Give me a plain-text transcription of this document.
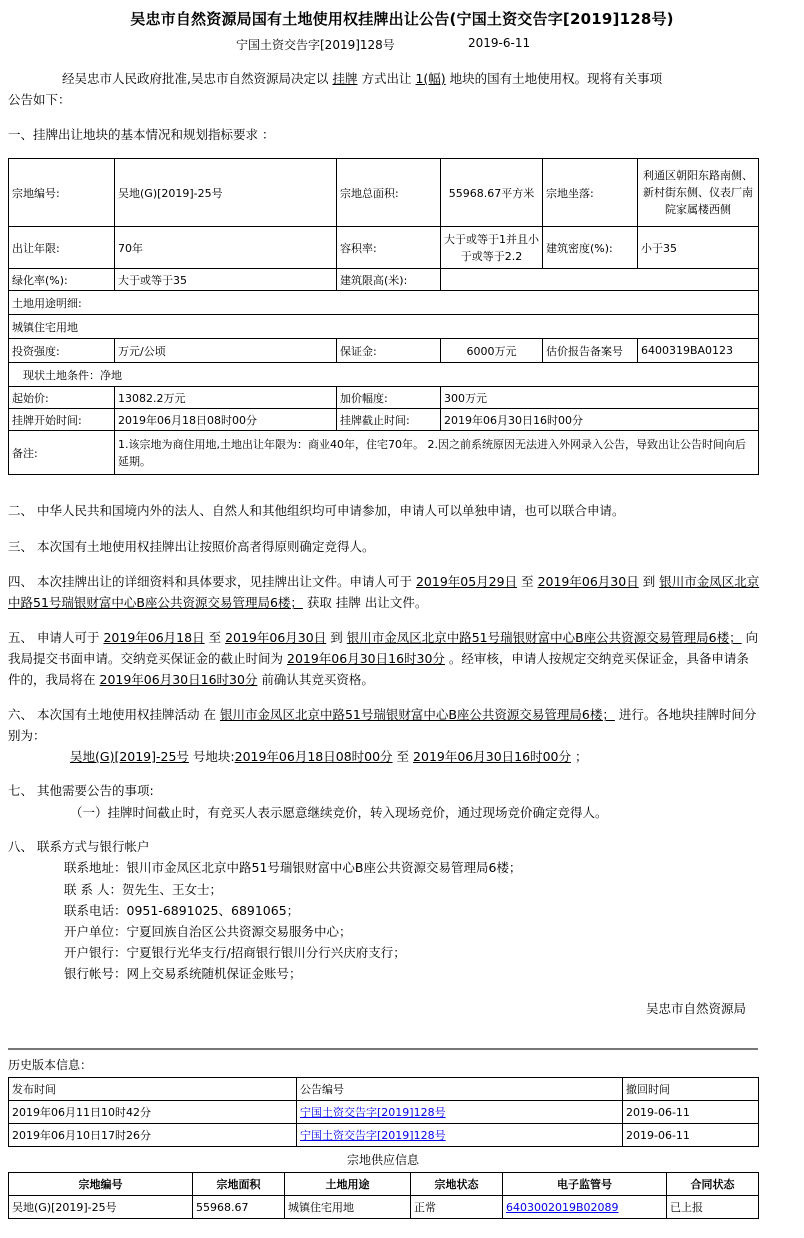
吴忠市自然资源局国有土地使用权挂牌出让公告(宁国土资交告字[2019]128号)
宁国土资交告字[2019]128号	2019-6-11
经吴忠市人民政府批准,吴忠市自然资源局决定以 挂牌 方式出让 1(幅) 地块的国有土地使用权。现将有关事项
公告如下：
一、挂牌出让地块的基本情况和规划指标要求 ：
宗地编号:	吴地(G)[2019]-25号	宗地总面积:	55968.67平方米	宗地坐落:	利通区朝阳东路南侧、新村街东侧、仪表厂南院家属楼西侧
出让年限:	70年	容积率:	大于或等于1并且小于或等于2.2	建筑密度(%):	小于35
绿化率(%):	大于或等于35	建筑限高(米):			
土地用途明细:					
城镇住宅用地					
投资强度:	万元/公顷	保证金:	6000万元	估价报告备案号	6400319BA0123
现状土地条件：净地					
起始价:	13082.2万元	加价幅度:	300万元		
挂牌开始时间:	2019年06月18日08时00分	挂牌截止时间:	2019年06月30日16时00分		
备注:	1.该宗地为商住用地,土地出让年限为：商业40年，住宅70年。 2.因之前系统原因无法进入外网录入公告，导致出让公告时间向后延期。				
二、 中华人民共和国境内外的法人、自然人和其他组织均可申请参加，申请人可以单独申请，也可以联合申请。
三、 本次国有土地使用权挂牌出让按照价高者得原则确定竞得人。
四、 本次挂牌出让的详细资料和具体要求，见挂牌出让文件。申请人可于 2019年05月29日 至 2019年06月30日 到 银川市金凤区北京中路51号瑞银财富中心B座公共资源交易管理局6楼； 获取 挂牌 出让文件。
五、 申请人可于 2019年06月18日 至 2019年06月30日 到 银川市金凤区北京中路51号瑞银财富中心B座公共资源交易管理局6楼； 向我局提交书面申请。交纳竞买保证金的截止时间为 2019年06月30日16时30分 。经审核，申请人按规定交纳竞买保证金，具备申请条件的，我局将在 2019年06月30日16时30分 前确认其竞买资格。
六、 本次国有土地使用权挂牌活动 在 银川市金凤区北京中路51号瑞银财富中心B座公共资源交易管理局6楼； 进行。各地块挂牌时间分别为：
吴地(G)[2019]-25号 号地块:2019年06月18日08时00分 至 2019年06月30日16时00分 ；
七、 其他需要公告的事项:
（一）挂牌时间截止时，有竞买人表示愿意继续竞价，转入现场竞价，通过现场竞价确定竞得人。
八、 联系方式与银行帐户
联系地址：银川市金凤区北京中路51号瑞银财富中心B座公共资源交易管理局6楼；
联 系 人：贺先生、王女士；
联系电话：0951-6891025、6891065；
开户单位：宁夏回族自治区公共资源交易服务中心；
开户银行：宁夏银行光华支行/招商银行银川分行兴庆府支行；
银行帐号：网上交易系统随机保证金账号；
吴忠市自然资源局
历史版本信息：
发布时间	公告编号	撤回时间
2019年06月11日10时42分	宁国土资交告字[2019]128号	2019-06-11
2019年06月10日17时26分	宁国土资交告字[2019]128号	2019-06-11
宗地供应信息
宗地编号	宗地面积	土地用途	宗地状态	电子监管号	合同状态
吴地(G)[2019]-25号	55968.67	城镇住宅用地	正常	6403002019B02089	已上报
